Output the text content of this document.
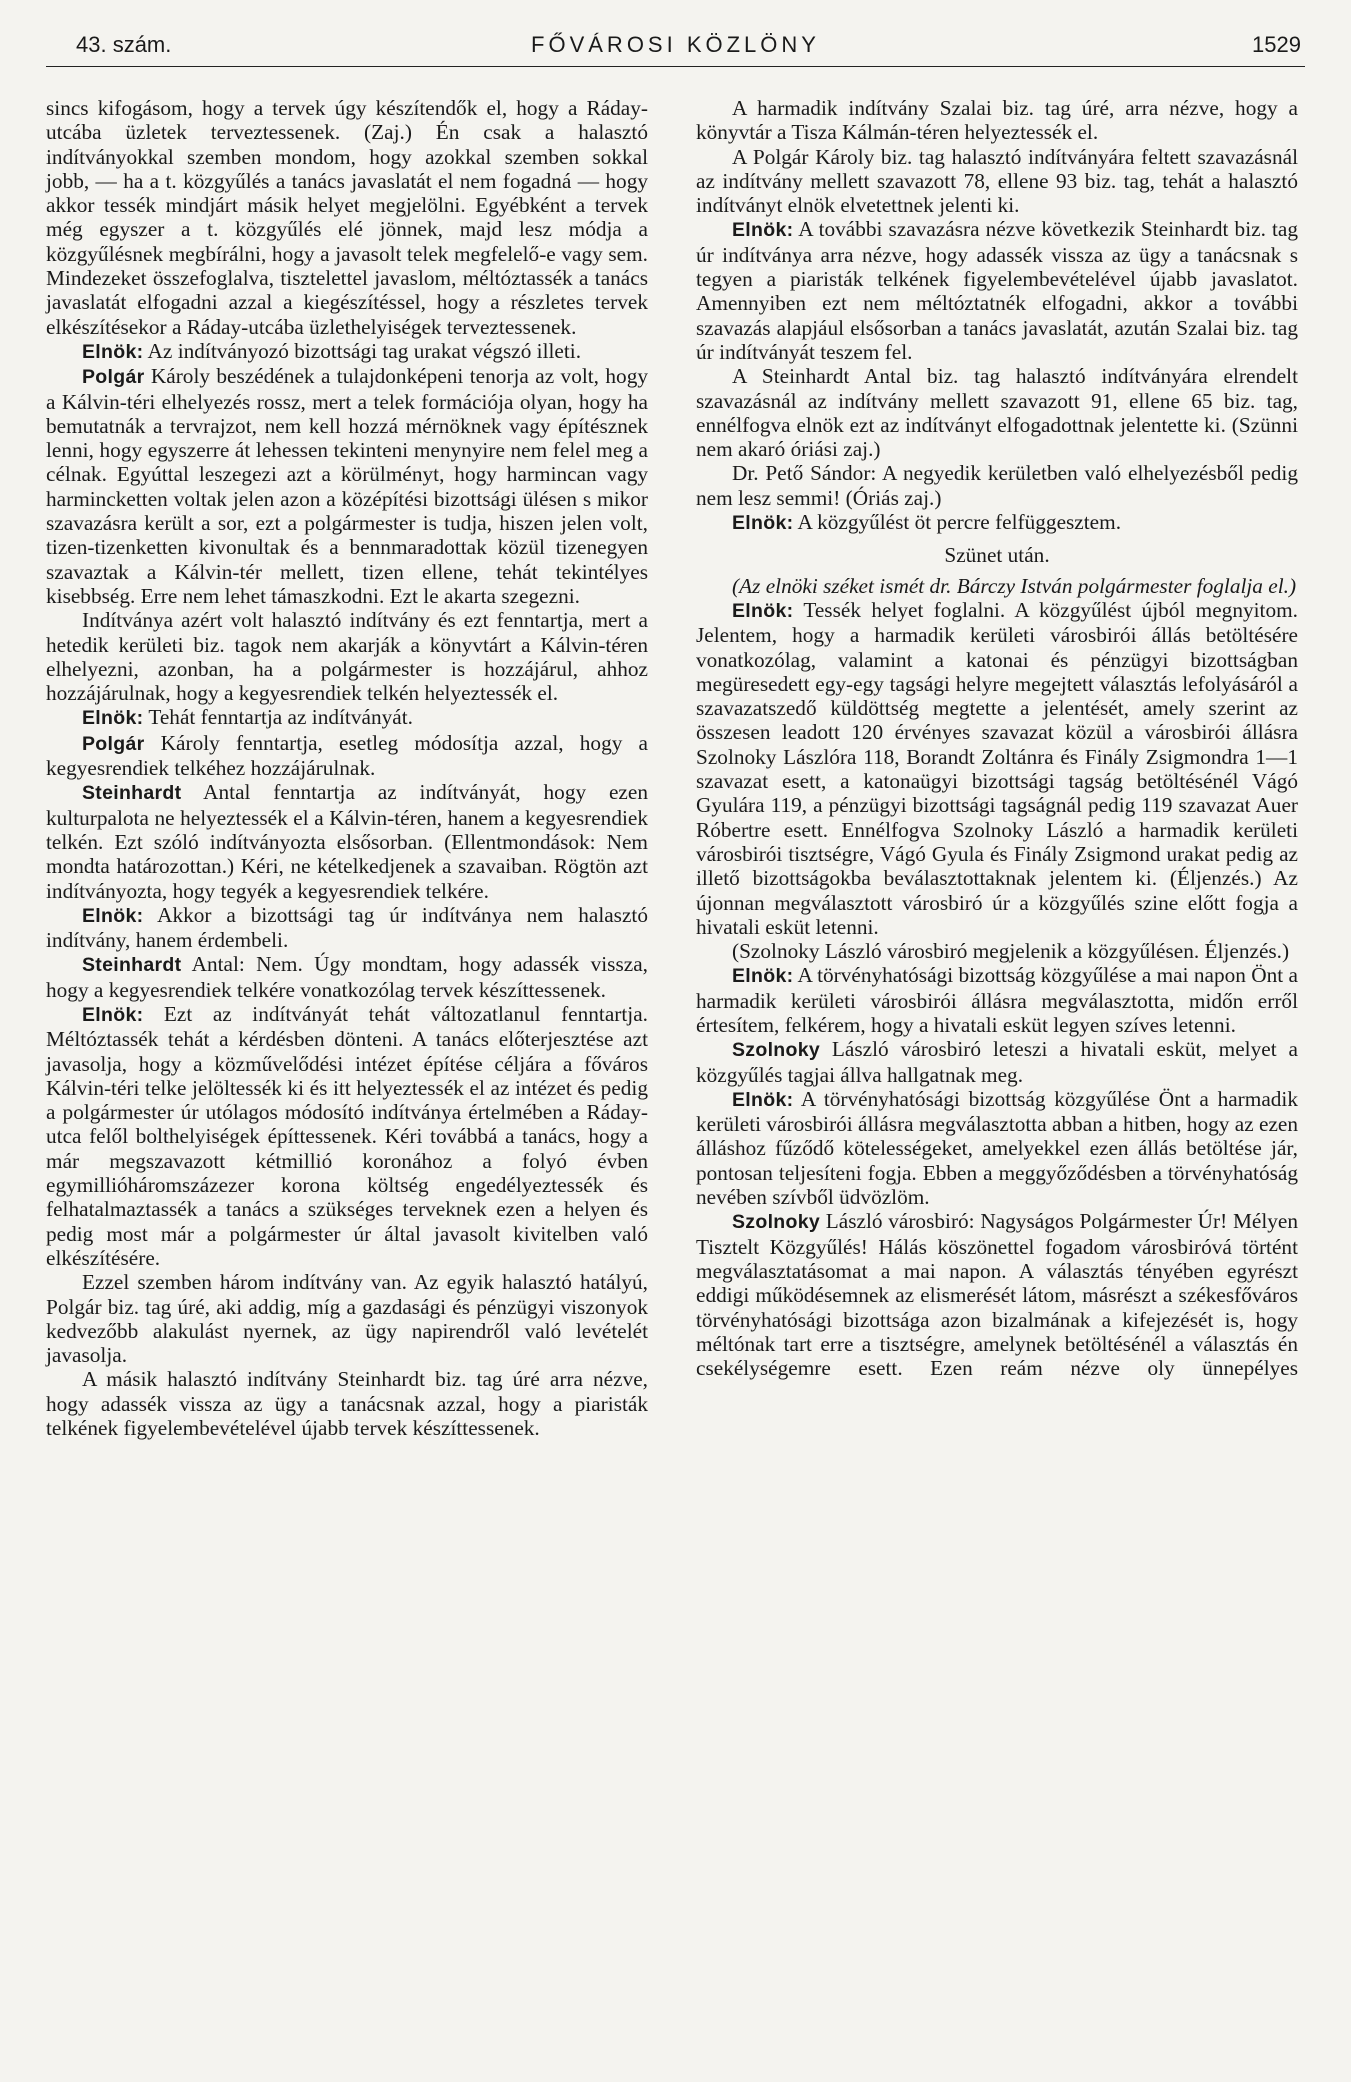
43. szám.	FŐVÁROSI KÖZLÖNY	1529

sincs kifogásom, hogy a tervek úgy készítendők el, hogy a Ráday-utcába üzletek terveztessenek. (Zaj.) Én csak a halasztó indítványokkal szemben mondom, hogy azokkal szemben sokkal jobb, — ha a t. közgyűlés a tanács javaslatát el nem fogadná — hogy akkor tessék mindjárt másik helyet megjelölni. Egyébként a tervek még egyszer a t. közgyűlés elé jönnek, majd lesz módja a közgyűlésnek megbírálni, hogy a javasolt telek megfelelő-e vagy sem. Mindezeket összefoglalva, tisztelettel javaslom, méltóztassék a tanács javaslatát elfogadni azzal a kiegészítéssel, hogy a részletes tervek elkészítésekor a Ráday-utcába üzlethelyiségek terveztessenek.

Elnök: Az indítványozó bizottsági tag urakat végszó illeti.

Polgár Károly beszédének a tulajdonképeni tenorja az volt, hogy a Kálvin-téri elhelyezés rossz, mert a telek formációja olyan, hogy ha bemutatnák a tervrajzot, nem kell hozzá mérnöknek vagy építésznek lenni, hogy egyszerre át lehessen tekinteni menynyire nem felel meg a célnak. Egyúttal leszegezi azt a körülményt, hogy harmincan vagy harmincketten voltak jelen azon a középítési bizottsági ülésen s mikor szavazásra került a sor, ezt a polgármester is tudja, hiszen jelen volt, tizen-tizenketten kivonultak és a bennmaradottak közül tizenegyen szavaztak a Kálvin-tér mellett, tizen ellene, tehát tekintélyes kisebbség. Erre nem lehet támaszkodni. Ezt le akarta szegezni.

Indítványa azért volt halasztó indítvány és ezt fenntartja, mert a hetedik kerületi biz. tagok nem akarják a könyvtárt a Kálvin-téren elhelyezni, azonban, ha a polgármester is hozzájárul, ahhoz hozzájárulnak, hogy a kegyesrendiek telkén helyeztessék el.

Elnök: Tehát fenntartja az indítványát.

Polgár Károly fenntartja, esetleg módosítja azzal, hogy a kegyesrendiek telkéhez hozzájárulnak.

Steinhardt Antal fenntartja az indítványát, hogy ezen kulturpalota ne helyeztessék el a Kálvin-téren, hanem a kegyesrendiek telkén. Ezt szóló indítványozta elsősorban. (Ellentmondások: Nem mondta határozottan.) Kéri, ne kételkedjenek a szavaiban. Rögtön azt indítványozta, hogy tegyék a kegyesrendiek telkére.

Elnök: Akkor a bizottsági tag úr indítványa nem halasztó indítvány, hanem érdembeli.

Steinhardt Antal: Nem. Úgy mondtam, hogy adassék vissza, hogy a kegyesrendiek telkére vonatkozólag tervek készíttessenek.

Elnök: Ezt az indítványát tehát változatlanul fenntartja. Méltóztassék tehát a kérdésben dönteni. A tanács előterjesztése azt javasolja, hogy a közművelődési intézet építése céljára a főváros Kálvin-téri telke jelöltessék ki és itt helyeztessék el az intézet és pedig a polgármester úr utólagos módosító indítványa értelmében a Ráday-utca felől bolthelyiségek építtessenek. Kéri továbbá a tanács, hogy a már megszavazott kétmillió koronához a folyó évben egymillióháromszázezer korona költség engedélyeztessék és felhatalmaztassék a tanács a szükséges terveknek ezen a helyen és pedig most már a polgármester úr által javasolt kivitelben való elkészítésére.

Ezzel szemben három indítvány van. Az egyik halasztó hatályú, Polgár biz. tag úré, aki addig, míg a gazdasági és pénzügyi viszonyok kedvezőbb alakulást nyernek, az ügy napirendről való levételét javasolja.

A másik halasztó indítvány Steinhardt biz. tag úré arra nézve, hogy adassék vissza az ügy a tanácsnak azzal, hogy a piaristák telkének figyelembevételével újabb tervek készíttessenek.

A harmadik indítvány Szalai biz. tag úré, arra nézve, hogy a könyvtár a Tisza Kálmán-téren helyeztessék el.

A Polgár Károly biz. tag halasztó indítványára feltett szavazásnál az indítvány mellett szavazott 78, ellene 93 biz. tag, tehát a halasztó indítványt elnök elvetettnek jelenti ki.

Elnök: A további szavazásra nézve következik Steinhardt biz. tag úr indítványa arra nézve, hogy adassék vissza az ügy a tanácsnak s tegyen a piaristák telkének figyelembevételével újabb javaslatot. Amennyiben ezt nem méltóztatnék elfogadni, akkor a további szavazás alapjául elsősorban a tanács javaslatát, azután Szalai biz. tag úr indítványát teszem fel.

A Steinhardt Antal biz. tag halasztó indítványára elrendelt szavazásnál az indítvány mellett szavazott 91, ellene 65 biz. tag, ennélfogva elnök ezt az indítványt elfogadottnak jelentette ki. (Szünni nem akaró óriási zaj.)

Dr. Pető Sándor: A negyedik kerületben való elhelyezésből pedig nem lesz semmi! (Óriás zaj.)

Elnök: A közgyűlést öt percre felfüggesztem.

Szünet után.

(Az elnöki széket ismét dr. Bárczy István polgármester foglalja el.)

Elnök: Tessék helyet foglalni. A közgyűlést újból megnyitom. Jelentem, hogy a harmadik kerületi városbirói állás betöltésére vonatkozólag, valamint a katonai és pénzügyi bizottságban megüresedett egy-egy tagsági helyre megejtett választás lefolyásáról a szavazatszedő küldöttség megtette a jelentését, amely szerint az összesen leadott 120 érvényes szavazat közül a városbirói állásra Szolnoky Lászlóra 118, Borandt Zoltánra és Finály Zsigmondra 1—1 szavazat esett, a katonaügyi bizottsági tagság betöltésénél Vágó Gyulára 119, a pénzügyi bizottsági tagságnál pedig 119 szavazat Auer Róbertre esett. Ennélfogva Szolnoky László a harmadik kerületi városbirói tisztségre, Vágó Gyula és Finály Zsigmond urakat pedig az illető bizottságokba beválasztottaknak jelentem ki. (Éljenzés.) Az újonnan megválasztott városbiró úr a közgyűlés szine előtt fogja a hivatali esküt letenni.

(Szolnoky László városbiró megjelenik a közgyűlésen. Éljenzés.)

Elnök: A törvényhatósági bizottság közgyűlése a mai napon Önt a harmadik kerületi városbirói állásra megválasztotta, midőn erről értesítem, felkérem, hogy a hivatali esküt legyen szíves letenni.

Szolnoky László városbiró leteszi a hivatali esküt, melyet a közgyűlés tagjai állva hallgatnak meg.

Elnök: A törvényhatósági bizottság közgyűlése Önt a harmadik kerületi városbirói állásra megválasztotta abban a hitben, hogy az ezen álláshoz fűződő kötelességeket, amelyekkel ezen állás betöltése jár, pontosan teljesíteni fogja. Ebben a meggyőződésben a törvényhatóság nevében szívből üdvözlöm.

Szolnoky László városbiró: Nagyságos Polgármester Úr! Mélyen Tisztelt Közgyűlés! Hálás köszönettel fogadom városbiróvá történt megválasztatásomat a mai napon. A választás tényében egyrészt eddigi működésemnek az elismerését látom, másrészt a székesfőváros törvényhatósági bizottsága azon bizalmának a kifejezését is, hogy méltónak tart erre a tisztségre, amelynek betöltésénél a választás én csekélységemre esett. Ezen reám nézve oly ünnepélyes
